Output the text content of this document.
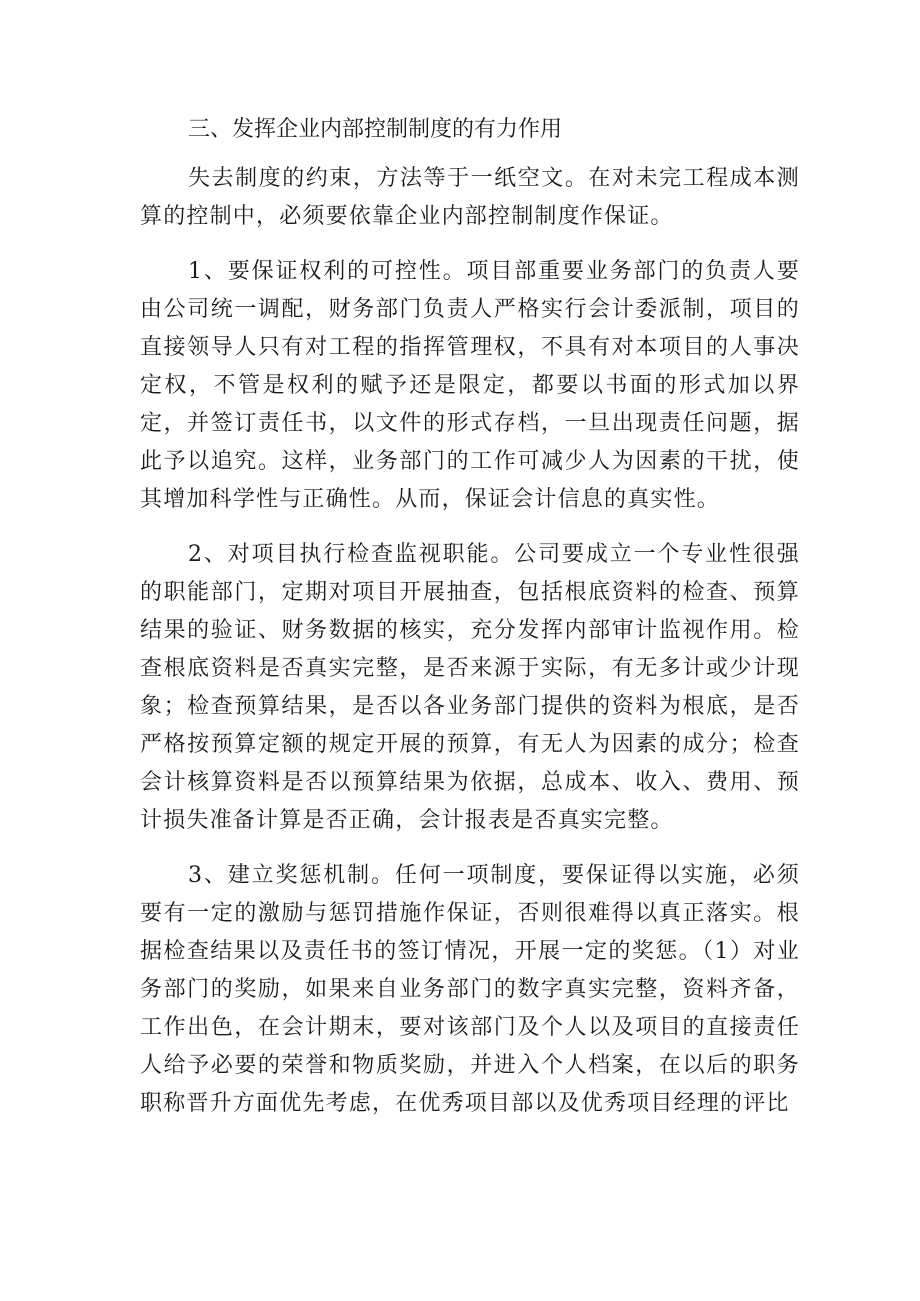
三、发挥企业内部控制制度的有力作用

失去制度的约束，方法等于一纸空文。在对未完工程成本测算的控制中，必须要依靠企业内部控制制度作保证。

1、要保证权利的可控性。项目部重要业务部门的负责人要由公司统一调配，财务部门负责人严格实行会计委派制，项目的直接领导人只有对工程的指挥管理权，不具有对本项目的人事决定权，不管是权利的赋予还是限定，都要以书面的形式加以界定，并签订责任书，以文件的形式存档，一旦出现责任问题，据此予以追究。这样，业务部门的工作可减少人为因素的干扰，使其增加科学性与正确性。从而，保证会计信息的真实性。

2、对项目执行检查监视职能。公司要成立一个专业性很强的职能部门，定期对项目开展抽查，包括根底资料的检查、预算结果的验证、财务数据的核实，充分发挥内部审计监视作用。检查根底资料是否真实完整，是否来源于实际，有无多计或少计现象；检查预算结果，是否以各业务部门提供的资料为根底，是否严格按预算定额的规定开展的预算，有无人为因素的成分；检查会计核算资料是否以预算结果为依据，总成本、收入、费用、预计损失准备计算是否正确，会计报表是否真实完整。

3、建立奖惩机制。任何一项制度，要保证得以实施，必须要有一定的激励与惩罚措施作保证，否则很难得以真正落实。根据检查结果以及责任书的签订情况，开展一定的奖惩。（1）对业务部门的奖励，如果来自业务部门的数字真实完整，资料齐备，工作出色，在会计期末，要对该部门及个人以及项目的直接责任人给予必要的荣誉和物质奖励，并进入个人档案，在以后的职务职称晋升方面优先考虑，在优秀项目部以及优秀项目经理的评比
